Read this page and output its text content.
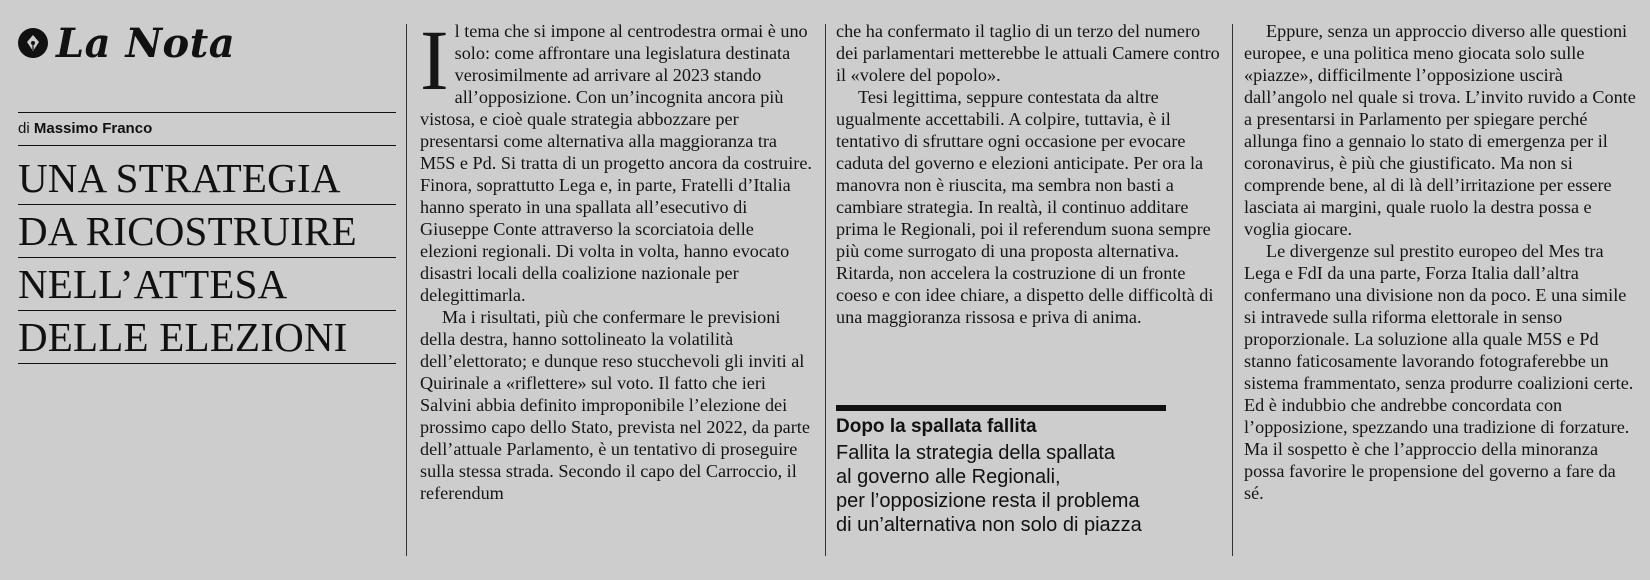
La Nota
di Massimo Franco
UNA STRATEGIA
DA RICOSTRUIRE
NELL’ATTESA
DELLE ELEZIONI
I l tema che si impone al centrodestra ormai è uno solo: come affrontare una legislatura destinata verosimilmente ad arrivare al 2023 stando all’opposizione. Con un’incognita ancora più vistosa, e cioè quale strategia abbozzare per presentarsi come alternativa alla maggioranza tra M5S e Pd. Si tratta di un progetto ancora da costruire. Finora, soprattutto Lega e, in parte, Fratelli d’Italia hanno sperato in una spallata all’esecutivo di Giuseppe Conte attraverso la scorciatoia delle elezioni regionali. Di volta in volta, hanno evocato disastri locali della coalizione nazionale per delegittimarla.

Ma i risultati, più che confermare le previsioni della destra, hanno sottolineato la volatilità dell’elettorato; e dunque reso stucchevoli gli inviti al Quirinale a «riflettere» sul voto. Il fatto che ieri Salvini abbia definito improponibile l’elezione dei prossimo capo dello Stato, prevista nel 2022, da parte dell’attuale Parlamento, è un tentativo di proseguire sulla stessa strada. Secondo il capo del Carroccio, il referendum

che ha confermato il taglio di un terzo del numero dei parlamentari metterebbe le attuali Camere contro il «volere del popolo».

Tesi legittima, seppure contestata da altre ugualmente accettabili. A colpire, tuttavia, è il tentativo di sfruttare ogni occasione per evocare caduta del governo e elezioni anticipate. Per ora la manovra non è riuscita, ma sembra non basti a cambiare strategia. In realtà, il continuo additare prima le Regionali, poi il referendum suona sempre più come surrogato di una proposta alternativa. Ritarda, non accelera la costruzione di un fronte coeso e con idee chiare, a dispetto delle difficoltà di una maggioranza rissosa e priva di anima.

Dopo la spallata fallita
Fallita la strategia della spallata
al governo alle Regionali,
per l’opposizione resta il problema
di un’alternativa non solo di piazza

Eppure, senza un approccio diverso alle questioni europee, e una politica meno giocata solo sulle «piazze», difficilmente l’opposizione uscirà dall’angolo nel quale si trova. L’invito ruvido a Conte a presentarsi in Parlamento per spiegare perché allunga fino a gennaio lo stato di emergenza per il coronavirus, è più che giustificato. Ma non si comprende bene, al di là dell’irritazione per essere lasciata ai margini, quale ruolo la destra possa e voglia giocare.

Le divergenze sul prestito europeo del Mes tra Lega e FdI da una parte, Forza Italia dall’altra confermano una divisione non da poco. E una simile si intravede sulla riforma elettorale in senso proporzionale. La soluzione alla quale M5S e Pd stanno faticosamente lavorando fotograferebbe un sistema frammentato, senza produrre coalizioni certe. Ed è indubbio che andrebbe concordata con l’opposizione, spezzando una tradizione di forzature. Ma il sospetto è che l’approccio della minoranza possa favorire le propensione del governo a fare da sé.
